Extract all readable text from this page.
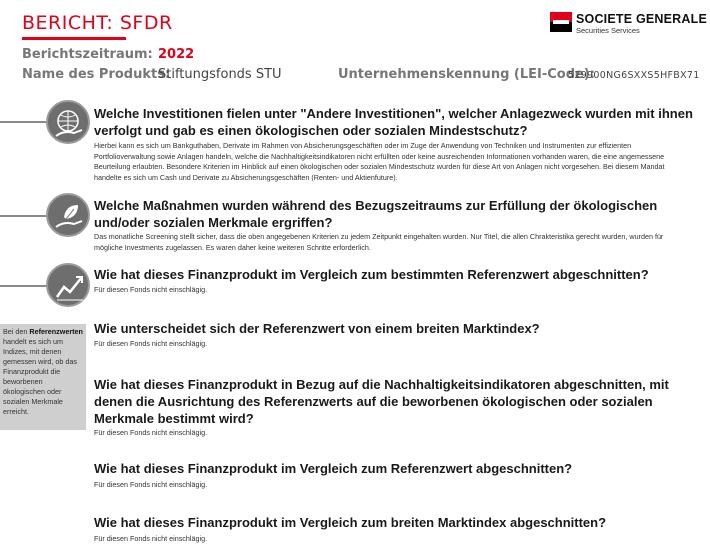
BERICHT: SFDR	SOCIETE GENERALE
Securities Services
Berichtszeitraum: 2022
Name des Produkts:
Stiftungsfonds STU	Unternehmenskennung (LEI-Code):
529900NG6SXXS5HFBX71
Welche Investitionen fielen unter "Andere Investitionen", welcher Anlagezweck wurden mit ihnen verfolgt und gab es einen ökologischen oder sozialen Mindestschutz?
Hierbei kann es sich um Bankguthaben, Derivate im Rahmen von Absicherungsgeschäften oder im Zuge der Anwendung von Techniken und Instrumenten zur effizienten Portfolioverwaltung sowie Anlagen handeln, welche die Nachhaltigkeitsindikatoren nicht erfüllten oder keine ausreichenden Informationen vorhanden waren, die eine angemessene Beurteilung erlaubten. Besondere Kriterien im Hinblick auf einen ökologischen oder sozialen Mindestschutz wurden für diese Art von Anlagen nicht vorgesehen. Bei diesem Mandat handelte es sich um Cash und Derivate zu Absicherungsgeschäften (Renten- und Aktienfuture).
Welche Maßnahmen wurden während des Bezugszeitraums zur Erfüllung der ökologischen und/oder sozialen Merkmale ergriffen?
Das monatliche Screening stellt sicher, dass die oben angegebenen Kriterien zu jedem Zeitpunkt eingehalten wurden. Nur Titel, die allen Chrakteristika gerecht wurden, wurden für mögliche Investments zugelassen. Es waren daher keine weiteren Schritte erforderlich.
Wie hat dieses Finanzprodukt im Vergleich zum bestimmten Referenzwert abgeschnitten?
Für diesen Fonds nicht einschlägig.
Bei den Referenzwerten handelt es sich um Indizes, mit denen gemessen wird, ob das Finanzprodukt die beworbenen ökologischen oder sozialen Merkmale erreicht.
Wie unterscheidet sich der Referenzwert von einem breiten Marktindex?
Für diesen Fonds nicht einschlägig.
Wie hat dieses Finanzprodukt in Bezug auf die Nachhaltigkeitsindikatoren abgeschnitten, mit denen die Ausrichtung des Referenzwerts auf die beworbenen ökologischen oder sozialen Merkmale bestimmt wird?
Für diesen Fonds nicht einschlägig.
Wie hat dieses Finanzprodukt im Vergleich zum Referenzwert abgeschnitten?
Für diesen Fonds nicht einschlägig.
Wie hat dieses Finanzprodukt im Vergleich zum breiten Marktindex abgeschnitten?
Für diesen Fonds nicht einschlägig.
